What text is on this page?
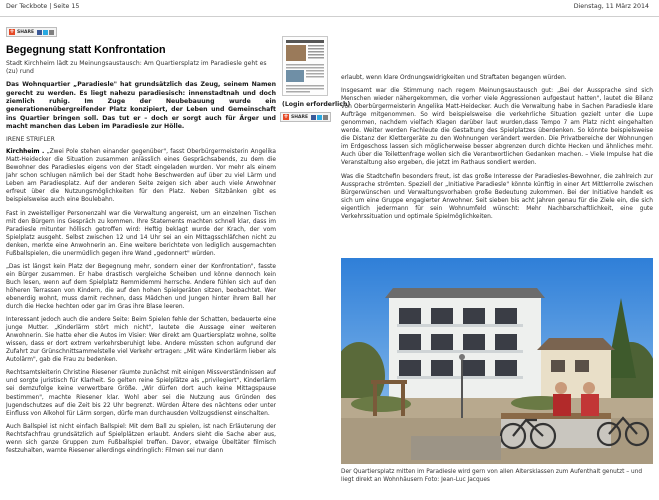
Der Teckbote | Seite 15	Dienstag, 11 März 2014
+ SHARE
Begegnung statt Konfrontation

Stadt Kirchheim lädt zu Meinungsaustausch: Am Quartiersplatz im Paradiesle geht es (zu) rund

Das Wohnquartier „Paradiesle" hat grundsätzlich das Zeug, seinem Namen gerecht zu werden. Es liegt nahezu paradiesisch: innenstadtnah und doch ziemlich ruhig. Im Zuge der Neubebauung wurde ein generationenübergreifender Platz konzipiert, der Leben und Gemeinschaft ins Quartier bringen soll. Das tut er – doch er sorgt auch für Ärger und macht manchen das Leben im Paradiesle zur Hölle.

IRENE STRIFLER

Kirchheim . „Zwei Pole stehen einander gegenüber", fasst Oberbürgermeisterin Angelika Matt-Heidecker die Situation zusammen anlässlich eines Gesprächsabends, zu dem die Bewohner des Paradiesles eigens von der Stadt eingeladen wurden. Vor mehr als einem Jahr schon schlugen nämlich bei der Stadt hohe Beschwerden auf über zu viel Lärm und Leben am Paradiesplatz. Auf der anderen Seite zeigen sich aber auch viele Anwohner erfreut über die Nutzungsmöglichkeiten für den Platz. Neben Sitzbänken gibt es beispielsweise auch eine Boulebahn.

Fast in zweistelliger Personenzahl war die Verwaltung angereist, um an einzelnen Tischen mit den Bürgern ins Gespräch zu kommen. Ihre Statements machten schnell klar, dass im Paradiesle mitunter höllisch getroffen wird: Heftig beklagt wurde der Krach, der vom Spielplatz ausgeht. Selbst zwischen 12 und 14 Uhr sei an ein Mittagsschläfchen nicht zu denken, merkte eine Anwohnerin an. Eine weitere berichtete von lediglich ausgemachten Fußballspielen, die unermüdlich gegen ihre Wand „gedonnert" würden.

„Das ist längst kein Platz der Begegnung mehr, sondern einer der Konfrontation", fasste ein Bürger zusammen. Er habe drastisch vergleiche Scheiben und könne dennoch kein Buch lesen, wenn auf dem Spielplatz Remmidemmi herrsche. Andere fühlen sich auf den höheren Terrassen von Kindern, die auf den hohen Spielgeräten sitzen, beobachtet. Wer ebenerdig wohnt, muss damit rechnen, dass Mädchen und Jungen hinter ihrem Ball her durch die Hecke hechten oder gar im Gras ihre Blase leeren.

Interessant jedoch auch die andere Seite: Beim Spielen fehle der Schatten, bedauerte eine junge Mutter. „Kinderlärm stört mich nicht", lautete die Aussage einer weiteren Anwohnerin. Sie hatte eher die Autos im Visier: Wer direkt am Quartiersplatz wohne, sollte wissen, dass er dort extrem verkehrsberuhigt lebe. Andere müssten schon aufgrund der Zufahrt zur Grünschnittsammelstelle viel Verkehr ertragen: „Mit wäre Kinderlärm lieber als Autolärm", gab die Frau zu bedenken.

Rechtsamtsleiterin Christine Riesener räumte zunächst mit einigen Missverständnissen auf und sorgte juristisch für Klarheit. So gelten reine Spielplätze als „privilegiert", Kinderlärm sei demzufolge keine verwertbare Größe. „Wir dürfen dort auch keine Mittagspause bestimmen", machte Riesener klar. Wohl aber sei die Nutzung aus Gründen des Jugendschutzes auf die Zeit bis 22 Uhr begrenzt. Würden Ältere des nächtens oder unter Einfluss von Alkohol für Lärm sorgen, dürfe man durchausden Vollzugsdienst einschalten.

Auch Ballspiel ist nicht einfach Ballspiel: Mit dem Ball zu spielen, ist nach Erläuterung der Rechtsfachfrau grundsätzlich auf Spielplätzen erlaubt. Anders sieht die Sache aber aus, wenn sich ganze Gruppen zum Fußballspiel treffen. Davor, etwaige Übeltäter filmisch festzuhalten, warnte Riesener allerdings eindringlich: Filmen sei nur dann

(Login erforderlich)
+ SHARE

erlaubt, wenn klare Ordnungswidrigkeiten und Straftaten begangen würden.

Insgesamt war die Stimmung nach regem Meinungsaustausch gut: „Bei der Aussprache sind sich Menschen wieder nähergekommen, die vorher viele Aggressionen aufgestaut hatten", lautet die Bilanz von Oberbürgermeisterin Angelika Matt-Heidecker. Auch die Verwaltung habe in Sachen Paradiesle klare Aufträge mitgenommen. So wird beispielsweise die verkehrliche Situation gezielt unter die Lupe genommen, nachdem vielfach Klagen darüber laut wurden,dass Tempo 7 am Platz nicht eingehalten werde. Weiter werden Fachleute die Gestaltung des Spielplatzes überdenken. So könnte beispielsweise die Distanz der Klettergeräte zu den Wohnungen verändert werden. Die Privatbereiche der Wohnungen im Erdgeschoss lassen sich möglicherweise besser abgrenzen durch dichte Hecken und ähnliches mehr. Auch über die Toilettenfrage wollen sich die Verantwortlichen Gedanken machen. – Viele Impulse hat die Veranstaltung also ergeben, die jetzt im Rathaus sondiert werden.

Was die Stadtchefin besonders freut, ist das große Interesse der Paradiesles-Bewohner, die zahlreich zur Aussprache strömten. Speziell der „Initiative Paradiesle" könnte künftig in einer Art Mittlerrolle zwischen Bürgerwünschen und Verwaltungsvorhaben große Bedeutung zukommen. Bei der Initiative handelt es sich um eine Gruppe engagierter Anwohner. Seit sieben bis acht Jahren genau für die Ziele ein, die sich eigentlich jedermann für sein Wohnumfeld wünscht: Mehr Nachbarschaftlichkeit, eine gute Verkehrssituation und optimale Spielmöglichkeiten.

Der Quartiersplatz mitten im Paradiesle wird gern von allen Altersklassen zum Aufenthalt genutzt – und liegt direkt an Wohnhäusern Foto: Jean-Luc Jacques
